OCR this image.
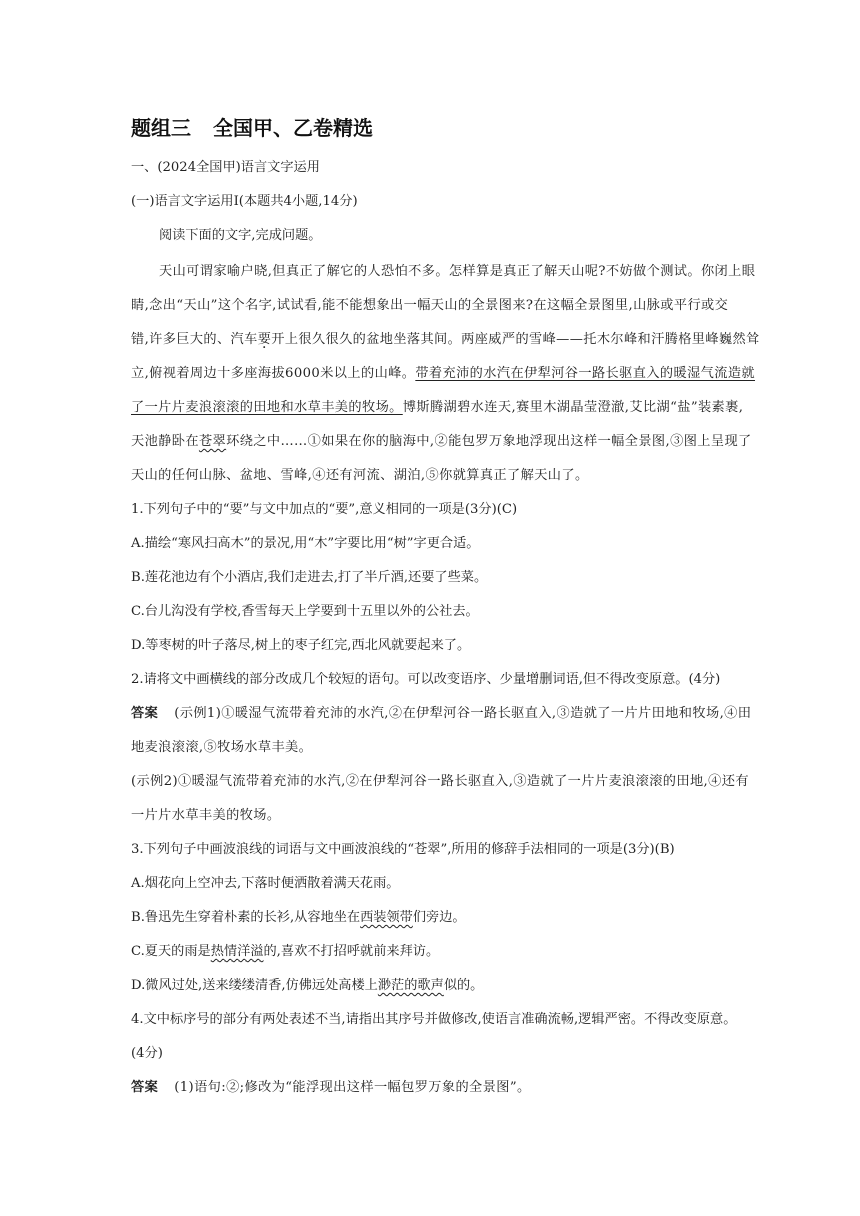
题组三 全国甲、乙卷精选
一、(2024全国甲)语言文字运用
(一)语言文字运用Ⅰ(本题共4小题,14分)
阅读下面的文字,完成问题。
天山可谓家喻户晓,但真正了解它的人恐怕不多。怎样算是真正了解天山呢?不妨做个测试。你闭上眼
睛,念出“天山”这个名字,试试看,能不能想象出一幅天山的全景图来?在这幅全景图里,山脉或平行或交
错,许多巨大的、汽车要开上很久很久的盆地坐落其间。两座威严的雪峰——托木尔峰和汗腾格里峰巍然耸
立,俯视着周边十多座海拔6000米以上的山峰。带着充沛的水汽在伊犁河谷一路长驱直入的暖湿气流造就
了一片片麦浪滚滚的田地和水草丰美的牧场。博斯腾湖碧水连天,赛里木湖晶莹澄澈,艾比湖“盐”装素裹,
天池静卧在苍翠环绕之中……①如果在你的脑海中,②能包罗万象地浮现出这样一幅全景图,③图上呈现了
天山的任何山脉、盆地、雪峰,④还有河流、湖泊,⑤你就算真正了解天山了。
1.下列句子中的“要”与文中加点的“要”,意义相同的一项是(3分)(C)
A.描绘“寒风扫高木”的景况,用“木”字要比用“树”字更合适。
B.莲花池边有个小酒店,我们走进去,打了半斤酒,还要了些菜。
C.台儿沟没有学校,香雪每天上学要到十五里以外的公社去。
D.等枣树的叶子落尽,树上的枣子红完,西北风就要起来了。
2.请将文中画横线的部分改成几个较短的语句。可以改变语序、少量增删词语,但不得改变原意。(4分)
答案 (示例1)①暖湿气流带着充沛的水汽,②在伊犁河谷一路长驱直入,③造就了一片片田地和牧场,④田
地麦浪滚滚,⑤牧场水草丰美。
(示例2)①暖湿气流带着充沛的水汽,②在伊犁河谷一路长驱直入,③造就了一片片麦浪滚滚的田地,④还有
一片片水草丰美的牧场。
3.下列句子中画波浪线的词语与文中画波浪线的“苍翠”,所用的修辞手法相同的一项是(3分)(B)
A.烟花向上空冲去,下落时便洒散着满天花雨。
B.鲁迅先生穿着朴素的长衫,从容地坐在西装领带们旁边。
C.夏天的雨是热情洋溢的,喜欢不打招呼就前来拜访。
D.微风过处,送来缕缕清香,仿佛远处高楼上渺茫的歌声似的。
4.文中标序号的部分有两处表述不当,请指出其序号并做修改,使语言准确流畅,逻辑严密。不得改变原意。
(4分)
答案 (1)语句:②;修改为“能浮现出这样一幅包罗万象的全景图”。
